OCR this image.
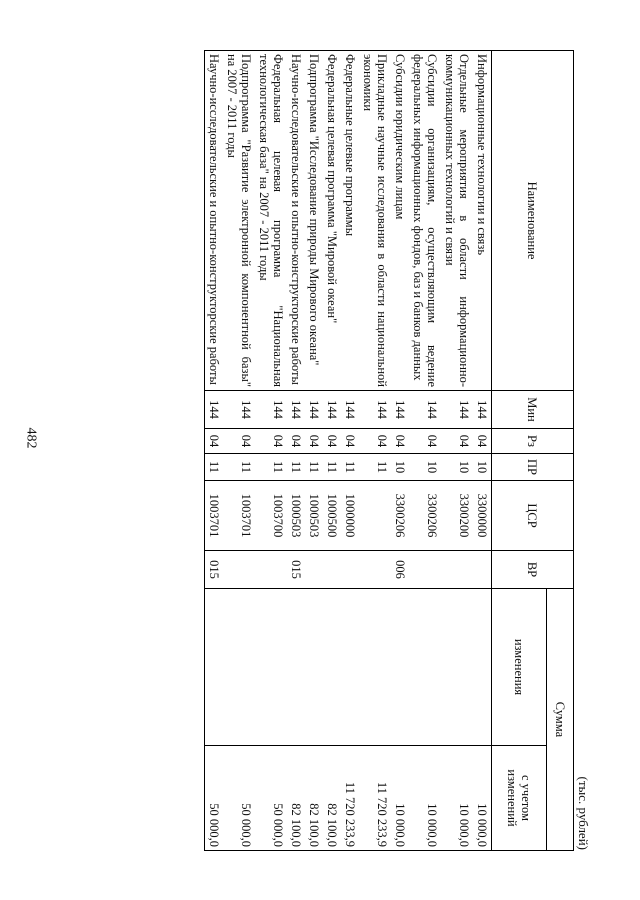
482
(тыс. рублей)
Наименование	Мин	Рз	ПР	ЦСР	ВР	Сумма	
						изменения	с учетом изменений
Информационные технологии и связь	144	04	10	3300000			10 000,0
Отдельные мероприятия в области информационно-коммуникационных технологий и связи	144	04	10	3300200			10 000,0
Субсидии организациям, осуществляющим ведение федеральных информационных фондов, баз и банков данных	144	04	10	3300206			10 000,0
Субсидии юридическим лицам	144	04	10	3300206	006		10 000,0
Прикладные научные исследования в области национальной экономики	144	04	11				11 720 233,9
Федеральные целевые программы	144	04	11	1000000			11 720 233,9
Федеральная целевая программа "Мировой океан"	144	04	11	1000500			82 100,0
Подпрограмма "Исследование природы Мирового океана"	144	04	11	1000503			82 100,0
Научно-исследовательские и опытно-конструкторские работы	144	04	11	1000503	015		82 100,0
Федеральная целевая программа "Национальная технологическая база" на 2007 - 2011 годы	144	04	11	1003700			50 000,0
Подпрограмма "Развитие электронной компонентной базы" на 2007 - 2011 годы	144	04	11	1003701			50 000,0
Научно-исследовательские и опытно-конструкторские работы	144	04	11	1003701	015		50 000,0
